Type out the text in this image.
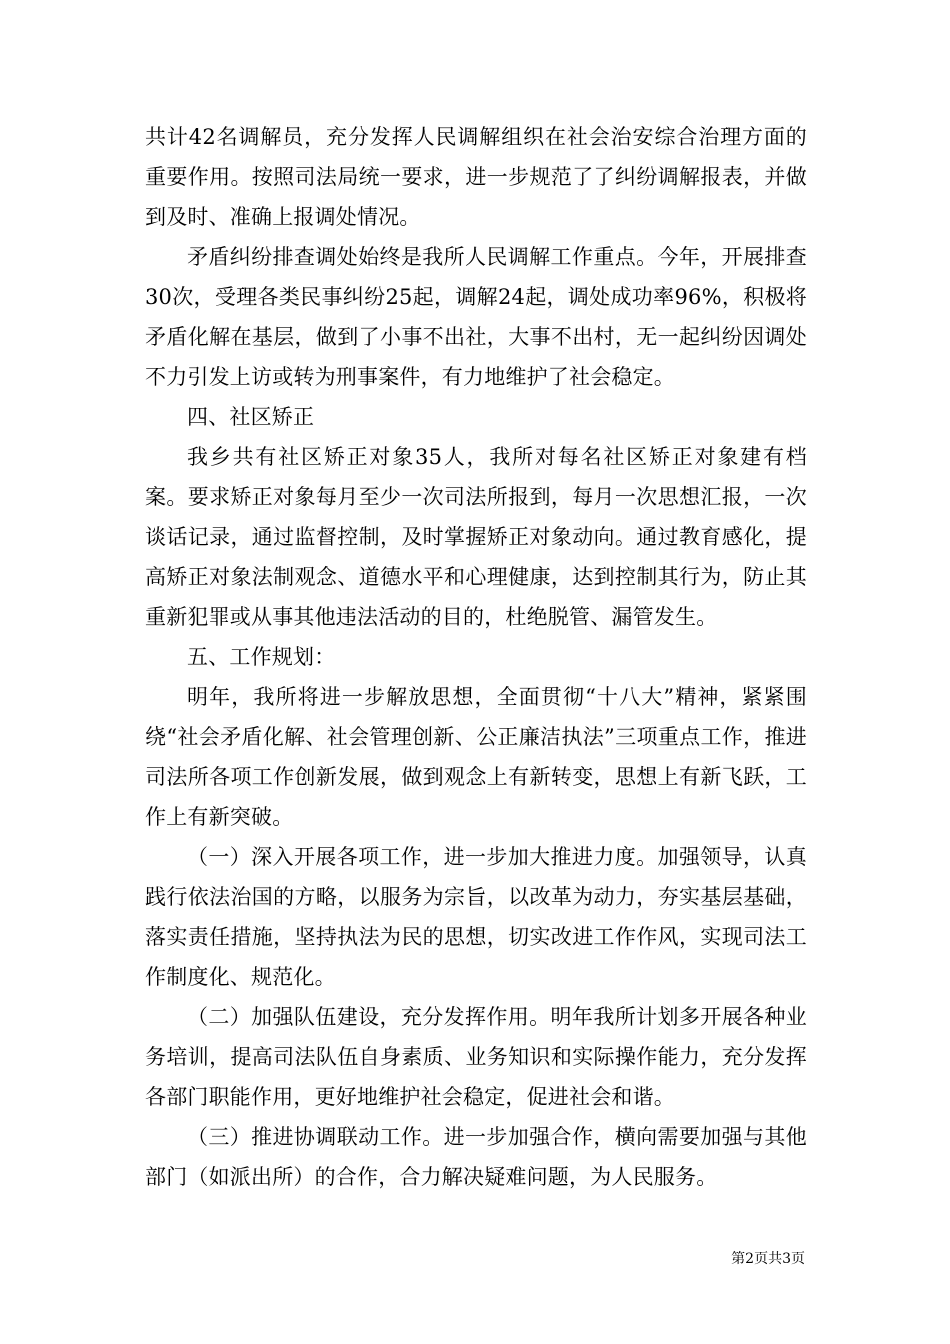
共计42名调解员，充分发挥人民调解组织在社会治安综合治理方面的重要作用。按照司法局统一要求，进一步规范了了纠纷调解报表，并做到及时、准确上报调处情况。

矛盾纠纷排查调处始终是我所人民调解工作重点。今年，开展排查30次，受理各类民事纠纷25起，调解24起，调处成功率96%，积极将矛盾化解在基层，做到了小事不出社，大事不出村，无一起纠纷因调处不力引发上访或转为刑事案件，有力地维护了社会稳定。

四、社区矫正

我乡共有社区矫正对象35人，我所对每名社区矫正对象建有档案。要求矫正对象每月至少一次司法所报到，每月一次思想汇报，一次谈话记录，通过监督控制，及时掌握矫正对象动向。通过教育感化，提高矫正对象法制观念、道德水平和心理健康，达到控制其行为，防止其重新犯罪或从事其他违法活动的目的，杜绝脱管、漏管发生。

五、工作规划：

明年，我所将进一步解放思想，全面贯彻“十八大”精神，紧紧围绕“社会矛盾化解、社会管理创新、公正廉洁执法”三项重点工作，推进司法所各项工作创新发展，做到观念上有新转变，思想上有新飞跃，工作上有新突破。

（一）深入开展各项工作，进一步加大推进力度。加强领导，认真践行依法治国的方略，以服务为宗旨，以改革为动力，夯实基层基础，落实责任措施，坚持执法为民的思想，切实改进工作作风，实现司法工作制度化、规范化。

（二）加强队伍建设，充分发挥作用。明年我所计划多开展各种业务培训，提高司法队伍自身素质、业务知识和实际操作能力，充分发挥各部门职能作用，更好地维护社会稳定，促进社会和谐。

（三）推进协调联动工作。进一步加强合作，横向需要加强与其他部门（如派出所）的合作，合力解决疑难问题，为人民服务。

第2页共3页
